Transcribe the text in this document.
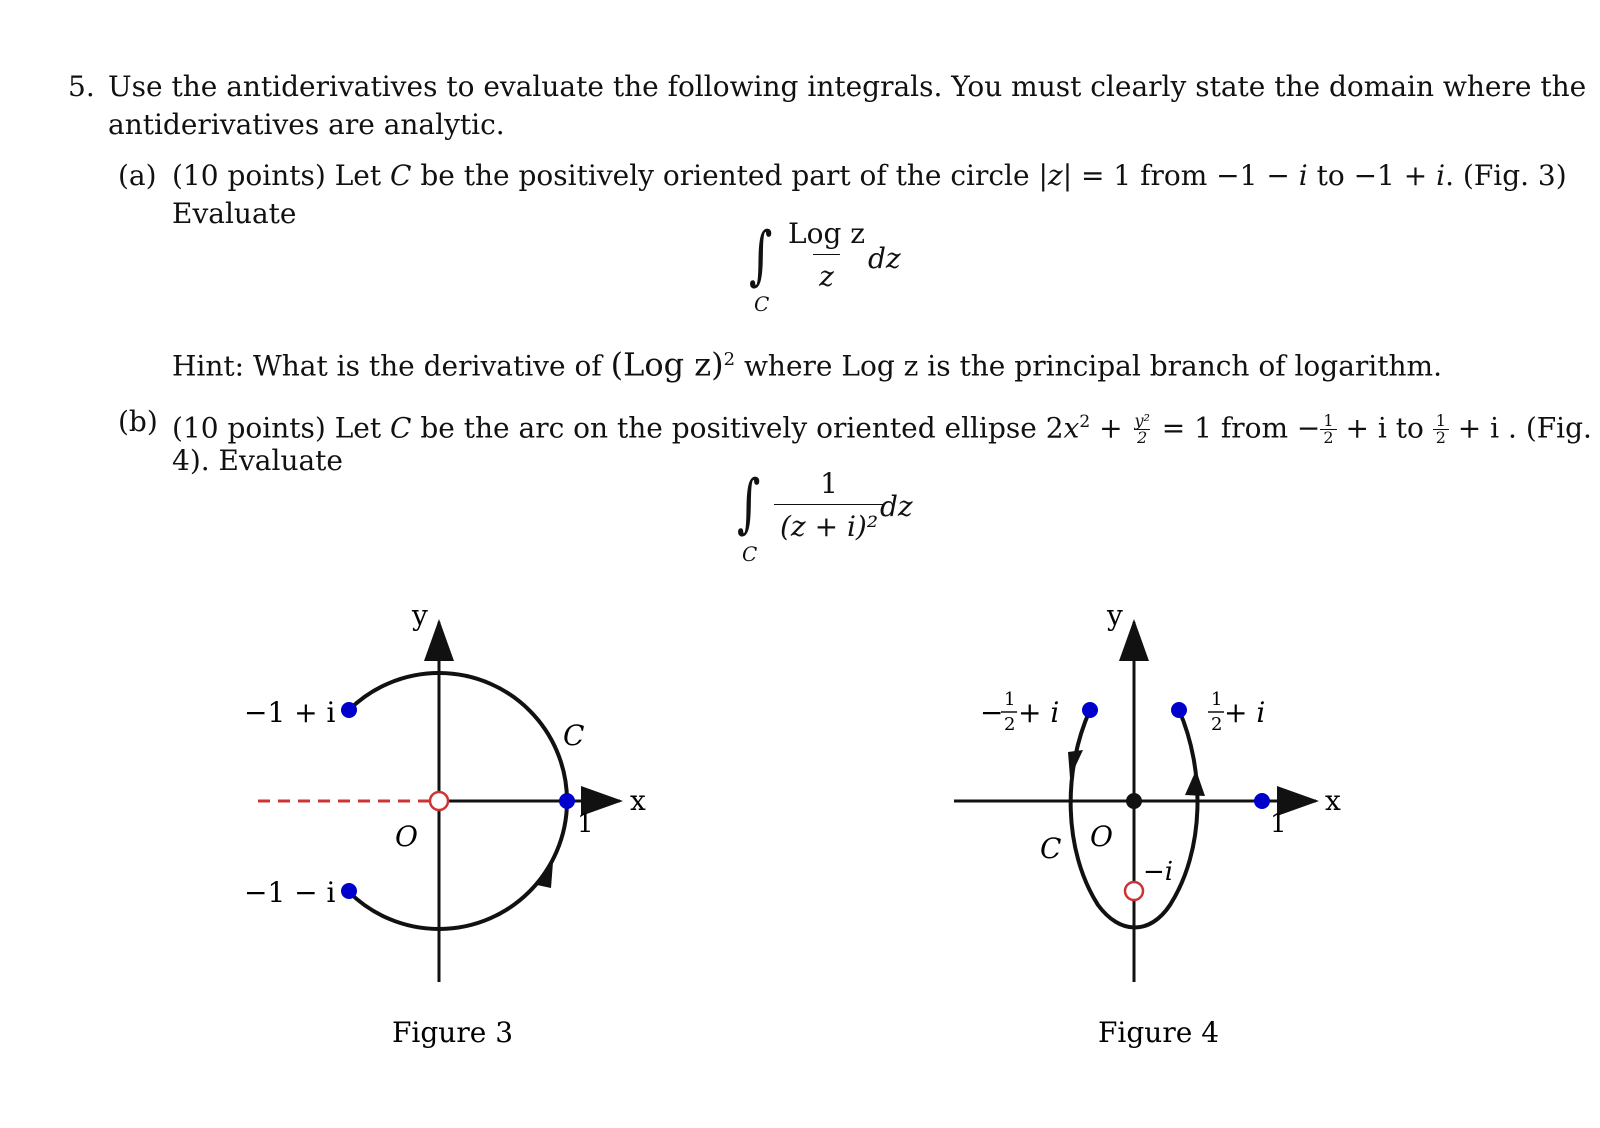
5. Use the antiderivatives to evaluate the following integrals. You must clearly state the domain where the
antiderivatives are analytic.
(a) (10 points) Let C be the positively oriented part of the circle |z| = 1 from −1 − i to −1 + i. (Fig. 3)
Evaluate
∫
C
Log z
z
dz
Hint: What is the derivative of (Log z)$^2$ where Log z is the principal branch of logarithm.
(b) (10 points) Let C be the arc on the positively oriented ellipse $2x^2 + \frac{\text{y²}}{2} = 1$ from − $\frac{1}{2} + i$ to $\frac{1}{2} + i$ . (Fig.
4). Evaluate
∫
C
$\frac{1}{\text{(z + i)²}}$
dz
y
x
O	1
C
−1 + i
−1 − i
Figure 3
y
x
O	1
C
−i
− 1
2 + i	1
2 + i
Figure 4
